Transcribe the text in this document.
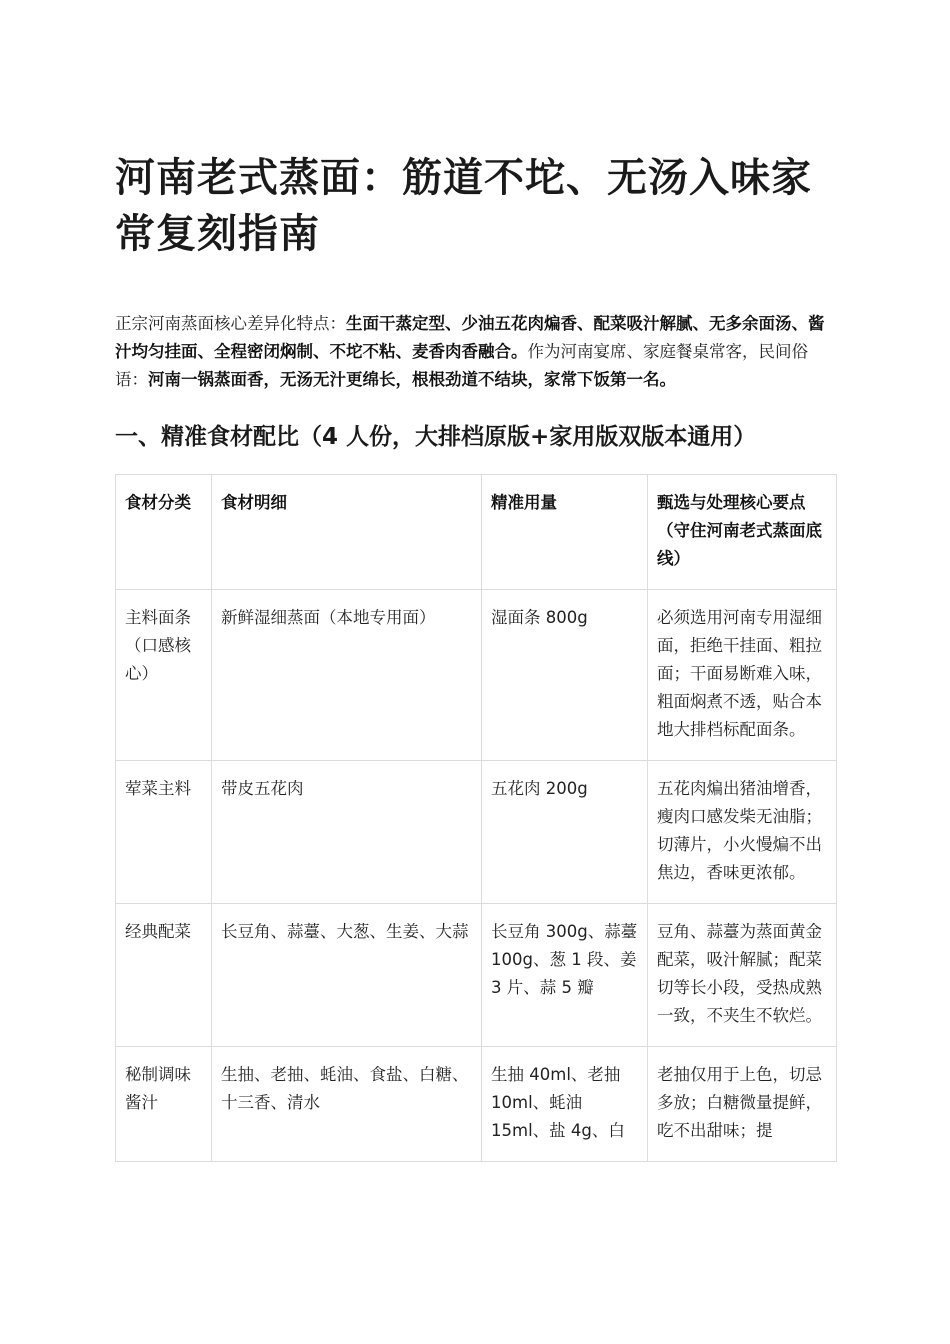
河南老式蒸面：筋道不坨、无汤入味家常复刻指南

正宗河南蒸面核心差异化特点：生面干蒸定型、少油五花肉煸香、配菜吸汁解腻、无多余面汤、酱汁均匀挂面、全程密闭焖制、不坨不粘、麦香肉香融合。作为河南宴席、家庭餐桌常客，民间俗语：河南一锅蒸面香，无汤无汁更绵长，根根劲道不结块，家常下饭第一名。

一、精准食材配比（4 人份，大排档原版+家用版双版本通用）
食材分类	食材明细	精准用量	甄选与处理核心要点（守住河南老式蒸面底线）
主料面条（口感核心）	新鲜湿细蒸面（本地专用面）	湿面条 800g	必须选用河南专用湿细面，拒绝干挂面、粗拉面；干面易断难入味，粗面焖煮不透，贴合本地大排档标配面条。
荤菜主料	带皮五花肉	五花肉 200g	五花肉煸出猪油增香，瘦肉口感发柴无油脂；切薄片，小火慢煸不出焦边，香味更浓郁。
经典配菜	长豆角、蒜薹、大葱、生姜、大蒜	长豆角 300g、蒜薹 100g、葱 1 段、姜 3 片、蒜 5 瓣	豆角、蒜薹为蒸面黄金配菜，吸汁解腻；配菜切等长小段，受热成熟一致，不夹生不软烂。
秘制调味酱汁	生抽、老抽、蚝油、食盐、白糖、十三香、清水	生抽 40ml、老抽 10ml、蚝油 15ml、盐 4g、白	老抽仅用于上色，切忌多放；白糖微量提鲜，吃不出甜味；提
